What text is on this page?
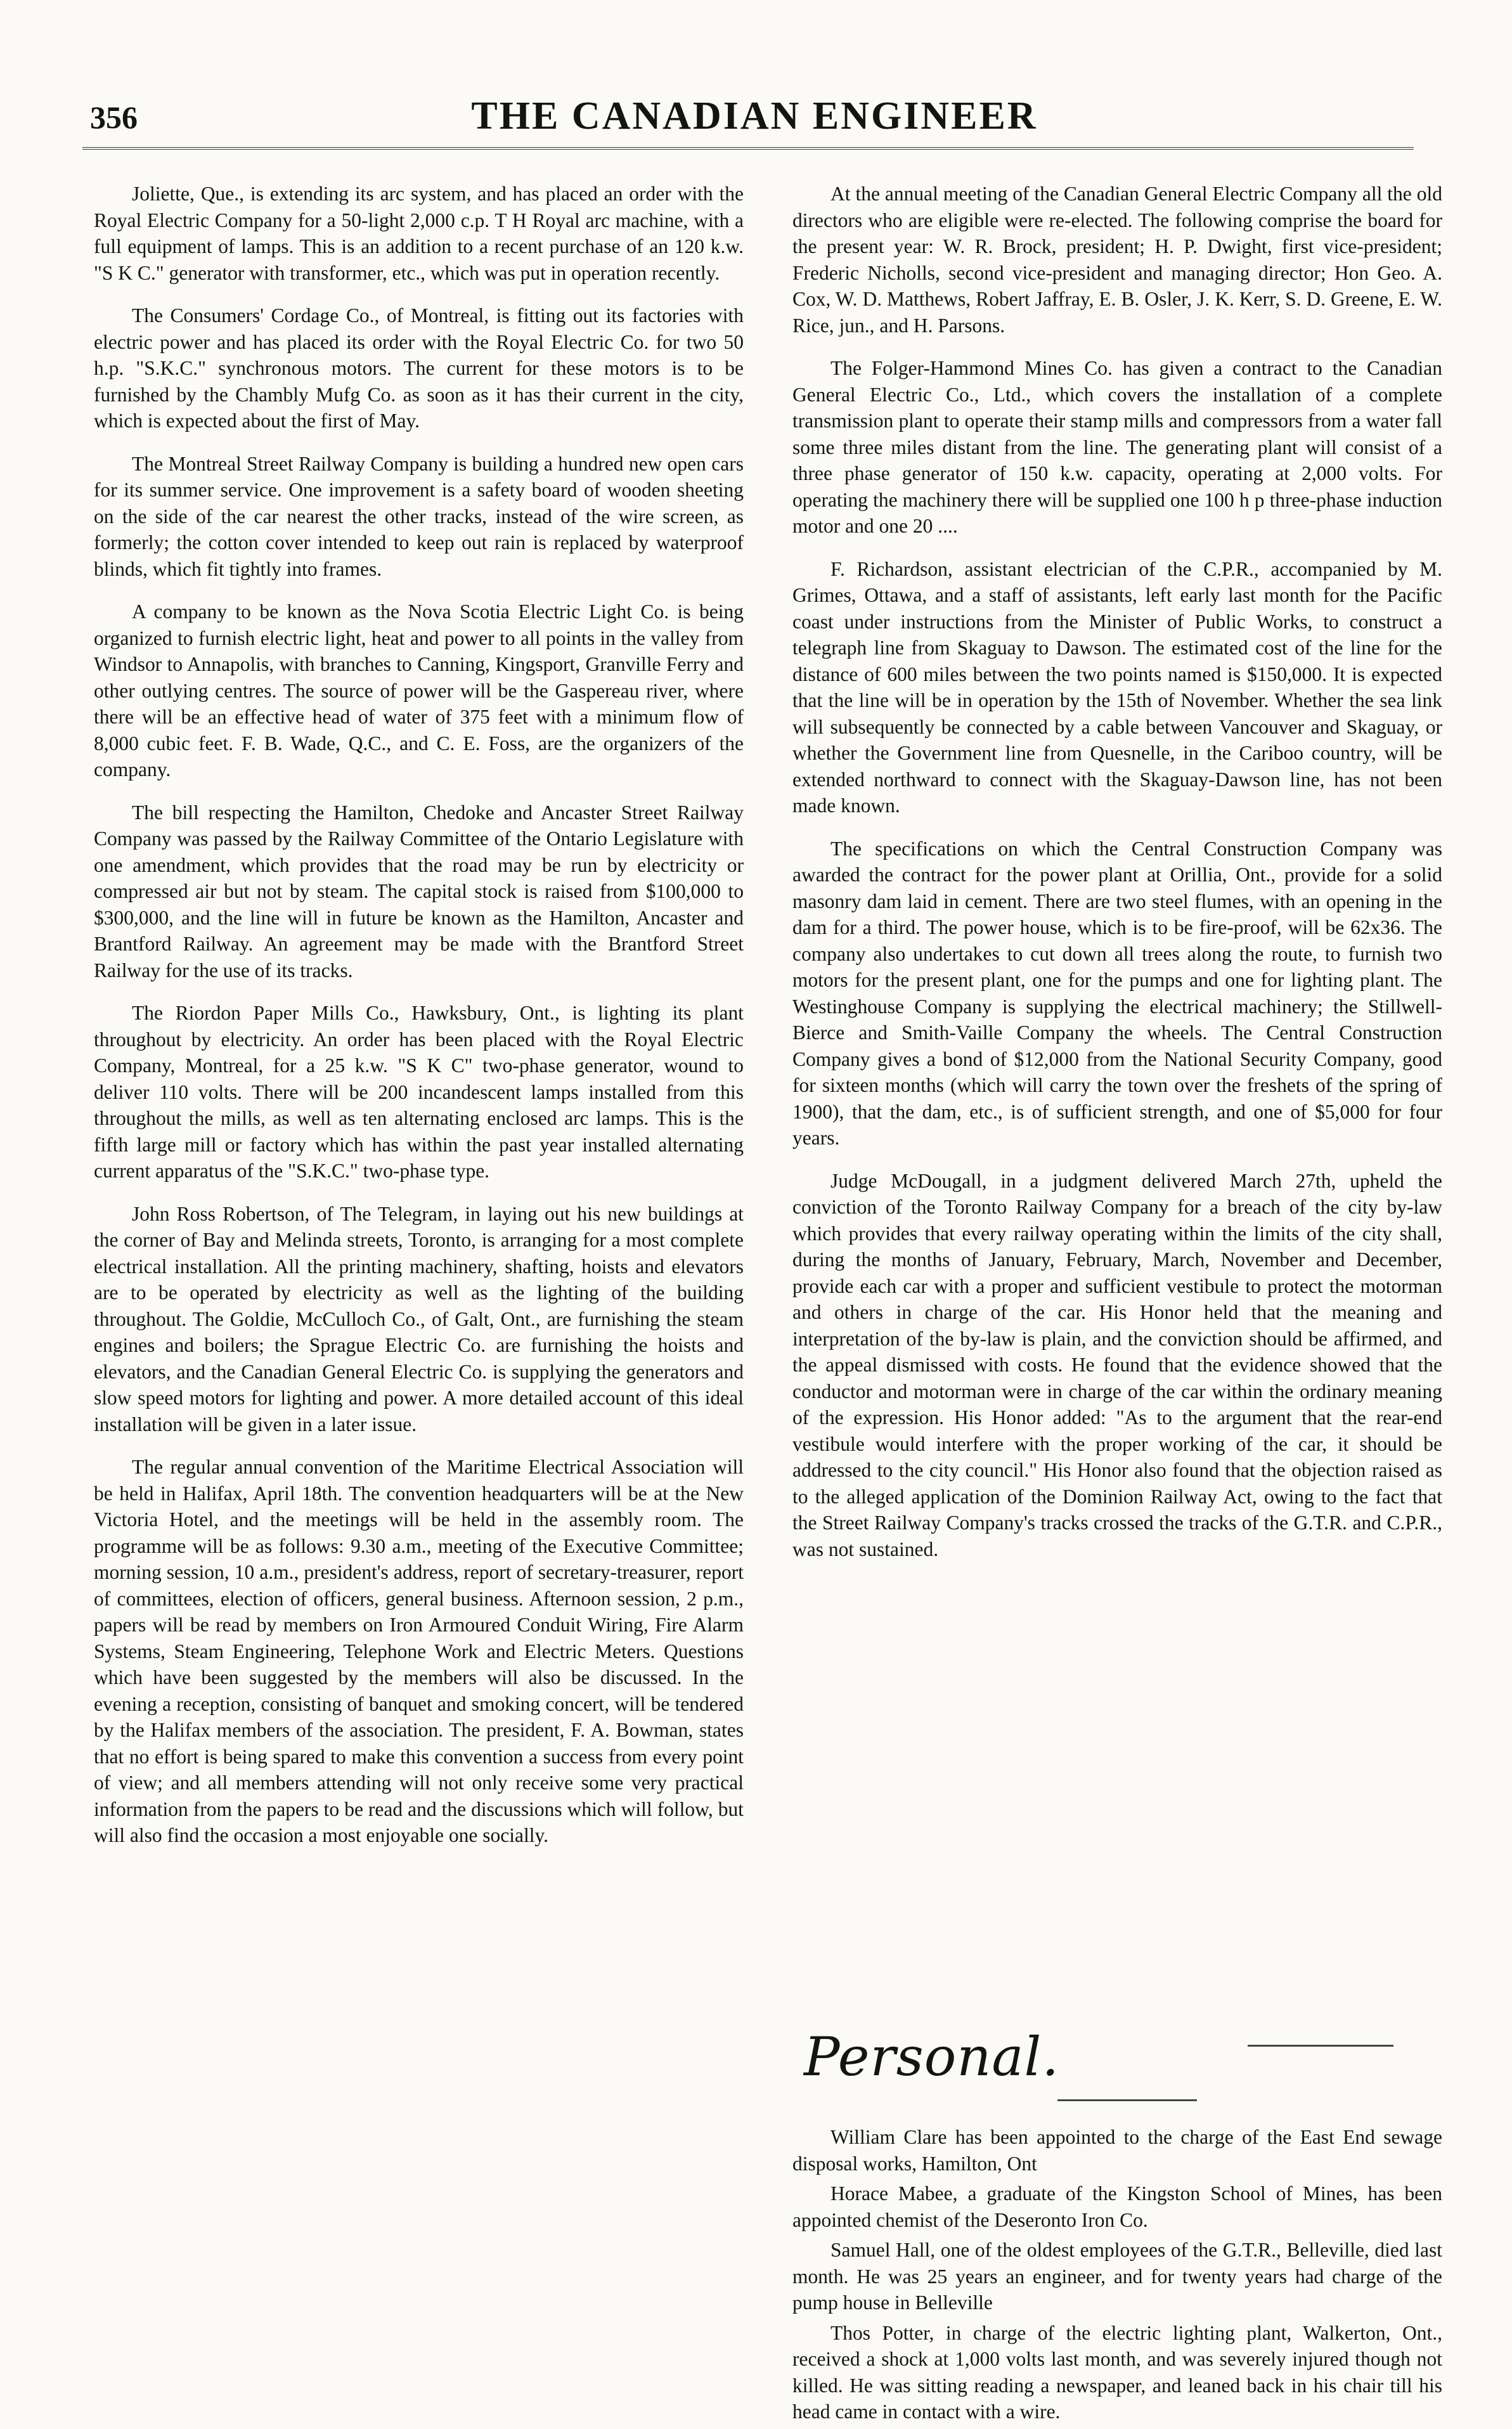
356	THE CANADIAN ENGINEER

Joliette, Que., is extending its arc system, and has placed an order with the Royal Electric Company for a 50-light 2,000 c.p. T H Royal arc machine, with a full equipment of lamps. This is an addition to a recent purchase of an 120 k.w. "S K C." generator with transformer, etc., which was put in operation recently.

The Consumers' Cordage Co., of Montreal, is fitting out its factories with electric power and has placed its order with the Royal Electric Co. for two 50 h.p. "S.K.C." synchronous motors. The current for these motors is to be furnished by the Chambly Mufg Co. as soon as it has their current in the city, which is expected about the first of May.

The Montreal Street Railway Company is building a hundred new open cars for its summer service. One improvement is a safety board of wooden sheeting on the side of the car nearest the other tracks, instead of the wire screen, as formerly; the cotton cover intended to keep out rain is replaced by waterproof blinds, which fit tightly into frames.

A company to be known as the Nova Scotia Electric Light Co. is being organized to furnish electric light, heat and power to all points in the valley from Windsor to Annapolis, with branches to Canning, Kingsport, Granville Ferry and other outlying centres. The source of power will be the Gaspereau river, where there will be an effective head of water of 375 feet with a minimum flow of 8,000 cubic feet. F. B. Wade, Q.C., and C. E. Foss, are the organizers of the company.

The bill respecting the Hamilton, Chedoke and Ancaster Street Railway Company was passed by the Railway Committee of the Ontario Legislature with one amendment, which provides that the road may be run by electricity or compressed air but not by steam. The capital stock is raised from $100,000 to $300,000, and the line will in future be known as the Hamilton, Ancaster and Brantford Railway. An agreement may be made with the Brantford Street Railway for the use of its tracks.

The Riordon Paper Mills Co., Hawksbury, Ont., is lighting its plant throughout by electricity. An order has been placed with the Royal Electric Company, Montreal, for a 25 k.w. "S K C" two-phase generator, wound to deliver 110 volts. There will be 200 incandescent lamps installed from this throughout the mills, as well as ten alternating enclosed arc lamps. This is the fifth large mill or factory which has within the past year installed alternating current apparatus of the "S.K.C." two-phase type.

John Ross Robertson, of The Telegram, in laying out his new buildings at the corner of Bay and Melinda streets, Toronto, is arranging for a most complete electrical installation. All the printing machinery, shafting, hoists and elevators are to be operated by electricity as well as the lighting of the building throughout. The Goldie, McCulloch Co., of Galt, Ont., are furnishing the steam engines and boilers; the Sprague Electric Co. are furnishing the hoists and elevators, and the Canadian General Electric Co. is supplying the generators and slow speed motors for lighting and power. A more detailed account of this ideal installation will be given in a later issue.

The regular annual convention of the Maritime Electrical Association will be held in Halifax, April 18th. The convention headquarters will be at the New Victoria Hotel, and the meetings will be held in the assembly room. The programme will be as follows: 9.30 a.m., meeting of the Executive Committee; morning session, 10 a.m., president's address, report of secretary-treasurer, report of committees, election of officers, general business. Afternoon session, 2 p.m., papers will be read by members on Iron Armoured Conduit Wiring, Fire Alarm Systems, Steam Engineering, Telephone Work and Electric Meters. Questions which have been suggested by the members will also be discussed. In the evening a reception, consisting of banquet and smoking concert, will be tendered by the Halifax members of the association. The president, F. A. Bowman, states that no effort is being spared to make this convention a success from every point of view; and all members attending will not only receive some very practical information from the papers to be read and the discussions which will follow, but will also find the occasion a most enjoyable one socially.

At the annual meeting of the Canadian General Electric Company all the old directors who are eligible were re-elected. The following comprise the board for the present year: W. R. Brock, president; H. P. Dwight, first vice-president; Frederic Nicholls, second vice-president and managing director; Hon Geo. A. Cox, W. D. Matthews, Robert Jaffray, E. B. Osler, J. K. Kerr, S. D. Greene, E. W. Rice, jun., and H. Parsons.

The Folger-Hammond Mines Co. has given a contract to the Canadian General Electric Co., Ltd., which covers the installation of a complete transmission plant to operate their stamp mills and compressors from a water fall some three miles distant from the line. The generating plant will consist of a three phase generator of 150 k.w. capacity, operating at 2,000 volts. For operating the machinery there will be supplied one 100 h p three-phase induction motor and one 20 ....

F. Richardson, assistant electrician of the C.P.R., accompanied by M. Grimes, Ottawa, and a staff of assistants, left early last month for the Pacific coast under instructions from the Minister of Public Works, to construct a telegraph line from Skaguay to Dawson. The estimated cost of the line for the distance of 600 miles between the two points named is $150,000. It is expected that the line will be in operation by the 15th of November. Whether the sea link will subsequently be connected by a cable between Vancouver and Skaguay, or whether the Government line from Quesnelle, in the Cariboo country, will be extended northward to connect with the Skaguay-Dawson line, has not been made known.

The specifications on which the Central Construction Company was awarded the contract for the power plant at Orillia, Ont., provide for a solid masonry dam laid in cement. There are two steel flumes, with an opening in the dam for a third. The power house, which is to be fire-proof, will be 62x36. The company also undertakes to cut down all trees along the route, to furnish two motors for the present plant, one for the pumps and one for lighting plant. The Westinghouse Company is supplying the electrical machinery; the Stillwell-Bierce and Smith-Vaille Company the wheels. The Central Construction Company gives a bond of $12,000 from the National Security Company, good for sixteen months (which will carry the town over the freshets of the spring of 1900), that the dam, etc., is of sufficient strength, and one of $5,000 for four years.

Judge McDougall, in a judgment delivered March 27th, upheld the conviction of the Toronto Railway Company for a breach of the city by-law which provides that every railway operating within the limits of the city shall, during the months of January, February, March, November and December, provide each car with a proper and sufficient vestibule to protect the motorman and others in charge of the car. His Honor held that the meaning and interpretation of the by-law is plain, and the conviction should be affirmed, and the appeal dismissed with costs. He found that the evidence showed that the conductor and motorman were in charge of the car within the ordinary meaning of the expression. His Honor added: "As to the argument that the rear-end vestibule would interfere with the proper working of the car, it should be addressed to the city council." His Honor also found that the objection raised as to the alleged application of the Dominion Railway Act, owing to the fact that the Street Railway Company's tracks crossed the tracks of the G.T.R. and C.P.R., was not sustained.

Personal.

William Clare has been appointed to the charge of the East End sewage disposal works, Hamilton, Ont

Horace Mabee, a graduate of the Kingston School of Mines, has been appointed chemist of the Deseronto Iron Co.

Samuel Hall, one of the oldest employees of the G.T.R., Belleville, died last month. He was 25 years an engineer, and for twenty years had charge of the pump house in Belleville

Thos Potter, in charge of the electric lighting plant, Walkerton, Ont., received a shock at 1,000 volts last month, and was severely injured though not killed. He was sitting reading a newspaper, and leaned back in his chair till his head came in contact with a wire.
